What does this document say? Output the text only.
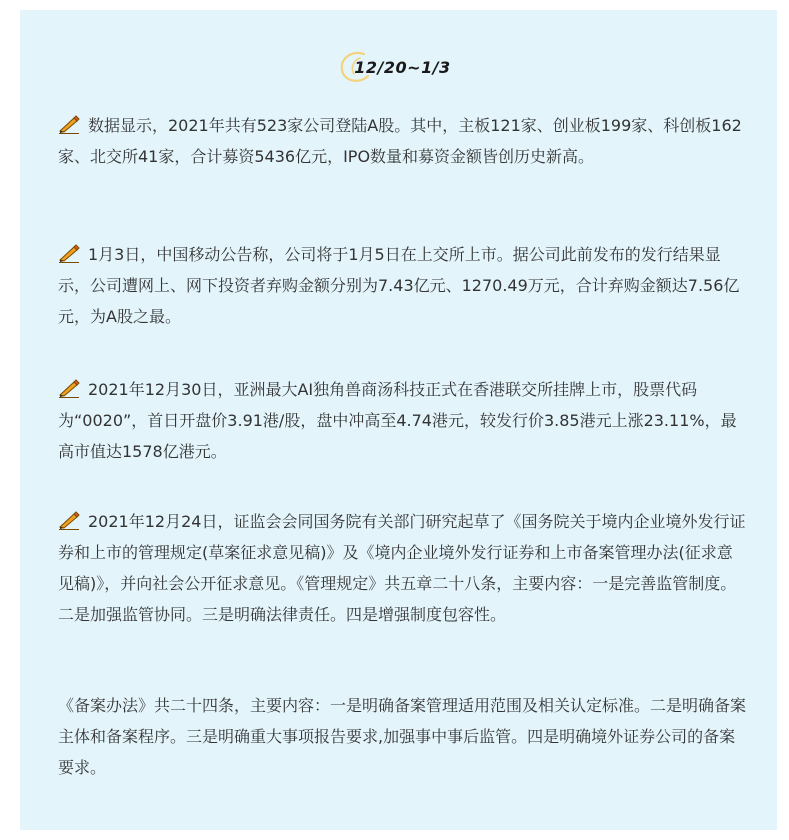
12/20~1/3

数据显示，2021年共有523家公司登陆A股。其中，主板121家、创业板199家、科创板162家、北交所41家，合计募资5436亿元，IPO数量和募资金额皆创历史新高。

1月3日，中国移动公告称，公司将于1月5日在上交所上市。据公司此前发布的发行结果显示，公司遭网上、网下投资者弃购金额分别为7.43亿元、1270.49万元，合计弃购金额达7.56亿元，为A股之最。

2021年12月30日，亚洲最大AI独角兽商汤科技正式在香港联交所挂牌上市，股票代码为“0020”，首日开盘价3.91港/股，盘中冲高至4.74港元，较发行价3.85港元上涨23.11%，最高市值达1578亿港元。

2021年12月24日，证监会会同国务院有关部门研究起草了《国务院关于境内企业境外发行证券和上市的管理规定(草案征求意见稿)》及《境内企业境外发行证券和上市备案管理办法(征求意见稿)》，并向社会公开征求意见。《管理规定》共五章二十八条，主要内容：一是完善监管制度。二是加强监管协同。三是明确法律责任。四是增强制度包容性。

《备案办法》共二十四条，主要内容：一是明确备案管理适用范围及相关认定标准。二是明确备案主体和备案程序。三是明确重大事项报告要求,加强事中事后监管。四是明确境外证券公司的备案要求。
